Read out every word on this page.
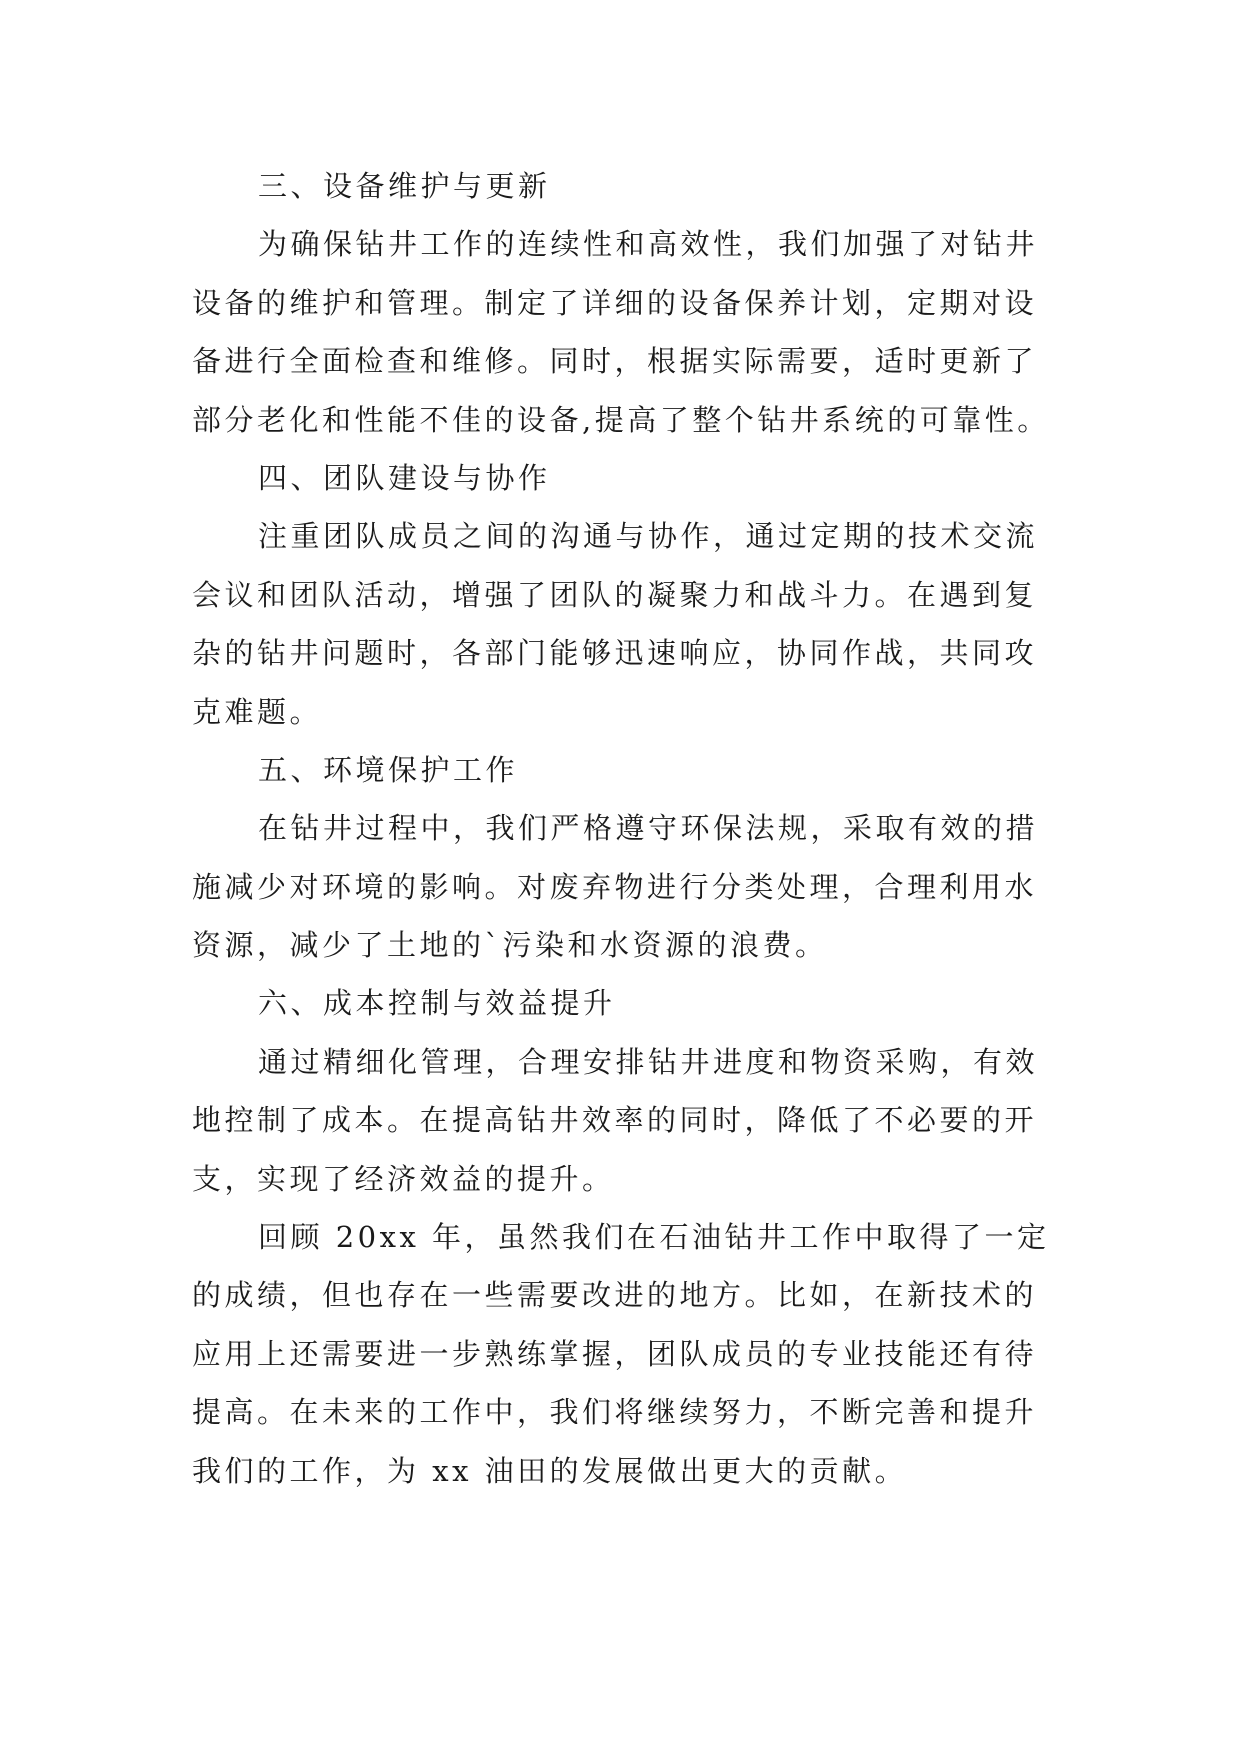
三、设备维护与更新
为确保钻井工作的连续性和高效性，我们加强了对钻井
设备的维护和管理。制定了详细的设备保养计划，定期对设
备进行全面检查和维修。同时，根据实际需要，适时更新了
部分老化和性能不佳的设备,提高了整个钻井系统的可靠性。
四、团队建设与协作
注重团队成员之间的沟通与协作，通过定期的技术交流
会议和团队活动，增强了团队的凝聚力和战斗力。在遇到复
杂的钻井问题时，各部门能够迅速响应，协同作战，共同攻
克难题。
五、环境保护工作
在钻井过程中，我们严格遵守环保法规，采取有效的措
施减少对环境的影响。对废弃物进行分类处理，合理利用水
资源，减少了土地的`污染和水资源的浪费。
六、成本控制与效益提升
通过精细化管理，合理安排钻井进度和物资采购，有效
地控制了成本。在提高钻井效率的同时，降低了不必要的开
支，实现了经济效益的提升。
回顾 20xx 年，虽然我们在石油钻井工作中取得了一定
的成绩，但也存在一些需要改进的地方。比如，在新技术的
应用上还需要进一步熟练掌握，团队成员的专业技能还有待
提高。在未来的工作中，我们将继续努力，不断完善和提升
我们的工作，为 xx 油田的发展做出更大的贡献。
